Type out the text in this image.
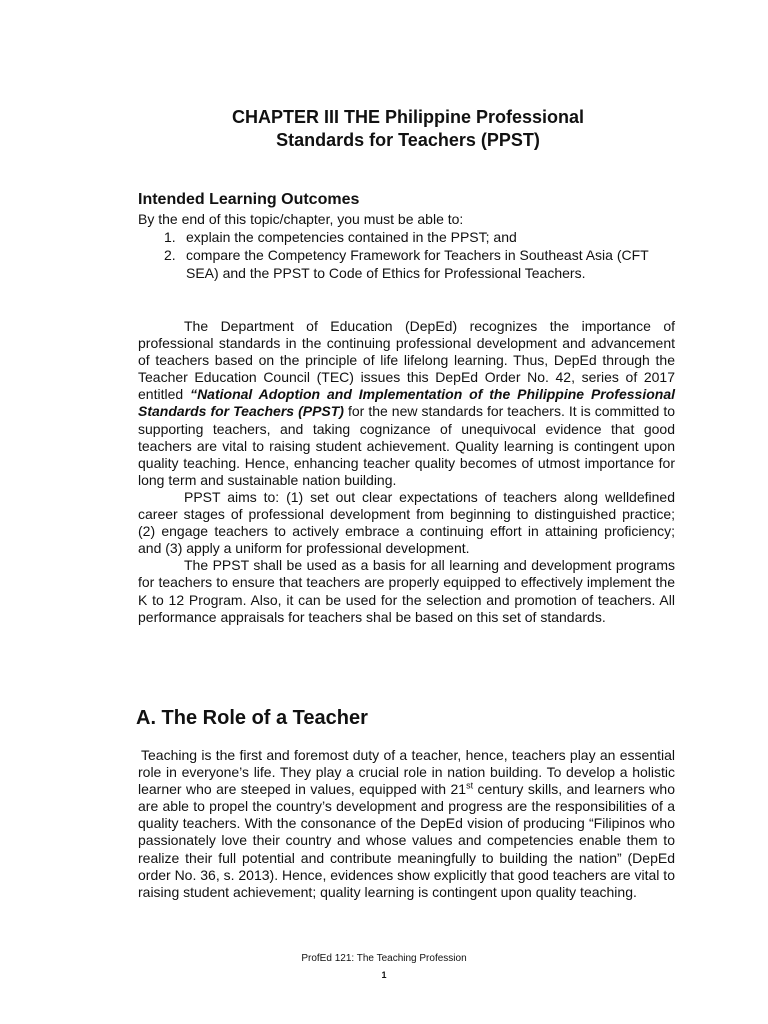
CHAPTER III THE Philippine Professional
Standards for Teachers (PPST)
Intended Learning Outcomes
By the end of this topic/chapter, you must be able to:
1. explain the competencies contained in the PPST; and
2. compare the Competency Framework for Teachers in Southeast Asia (CFT SEA) and the PPST to Code of Ethics for Professional Teachers.

The Department of Education (DepEd) recognizes the importance of professional standards in the continuing professional development and advancement of teachers based on the principle of life lifelong learning. Thus, DepEd through the Teacher Education Council (TEC) issues this DepEd Order No. 42, series of 2017 entitled “National Adoption and Implementation of the Philippine Professional Standards for Teachers (PPST) for the new standards for teachers. It is committed to supporting teachers, and taking cognizance of unequivocal evidence that good teachers are vital to raising student achievement. Quality learning is contingent upon quality teaching. Hence, enhancing teacher quality becomes of utmost importance for long term and sustainable nation building.

PPST aims to: (1) set out clear expectations of teachers along welldefined career stages of professional development from beginning to distinguished practice; (2) engage teachers to actively embrace a continuing effort in attaining proficiency; and (3) apply a uniform for professional development.

The PPST shall be used as a basis for all learning and development programs for teachers to ensure that teachers are properly equipped to effectively implement the K to 12 Program. Also, it can be used for the selection and promotion of teachers. All performance appraisals for teachers shal be based on this set of standards.

A. The Role of a Teacher

Teaching is the first and foremost duty of a teacher, hence, teachers play an essential role in everyone’s life. They play a crucial role in nation building. To develop a holistic learner who are steeped in values, equipped with 21st century skills, and learners who are able to propel the country’s development and progress are the responsibilities of a quality teachers. With the consonance of the DepEd vision of producing “Filipinos who passionately love their country and whose values and competencies enable them to realize their full potential and contribute meaningfully to building the nation” (DepEd order No. 36, s. 2013). Hence, evidences show explicitly that good teachers are vital to raising student achievement; quality learning is contingent upon quality teaching.

ProfEd 121: The Teaching Profession
1
